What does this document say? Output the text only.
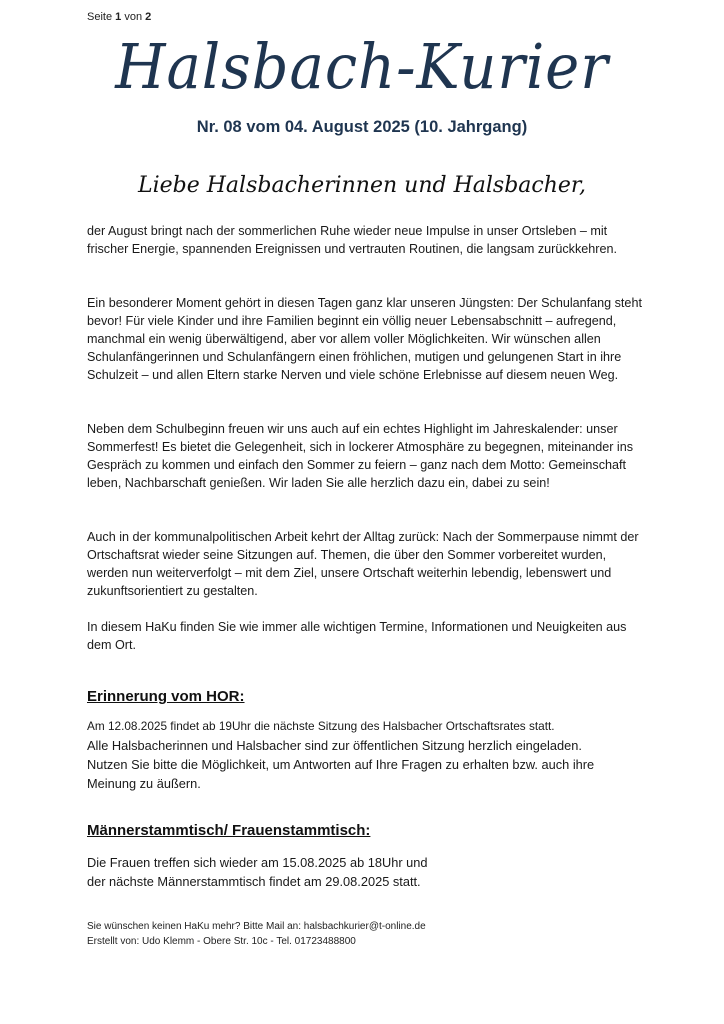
Seite 1 von 2
Halsbach-Kurier
Nr. 08 vom 04. August 2025 (10. Jahrgang)
Liebe Halsbacherinnen und Halsbacher,

der August bringt nach der sommerlichen Ruhe wieder neue Impulse in unser Ortsleben – mit frischer Energie, spannenden Ereignissen und vertrauten Routinen, die langsam zurückkehren.

Ein besonderer Moment gehört in diesen Tagen ganz klar unseren Jüngsten: Der Schulanfang steht bevor! Für viele Kinder und ihre Familien beginnt ein völlig neuer Lebensabschnitt – aufregend, manchmal ein wenig überwältigend, aber vor allem voller Möglichkeiten. Wir wünschen allen Schulanfängerinnen und Schulanfängern einen fröhlichen, mutigen und gelungenen Start in ihre Schulzeit – und allen Eltern starke Nerven und viele schöne Erlebnisse auf diesem neuen Weg.

Neben dem Schulbeginn freuen wir uns auch auf ein echtes Highlight im Jahreskalender: unser Sommerfest! Es bietet die Gelegenheit, sich in lockerer Atmosphäre zu begegnen, miteinander ins Gespräch zu kommen und einfach den Sommer zu feiern – ganz nach dem Motto: Gemeinschaft leben, Nachbarschaft genießen. Wir laden Sie alle herzlich dazu ein, dabei zu sein!

Auch in der kommunalpolitischen Arbeit kehrt der Alltag zurück: Nach der Sommerpause nimmt der Ortschaftsrat wieder seine Sitzungen auf. Themen, die über den Sommer vorbereitet wurden, werden nun weiterverfolgt – mit dem Ziel, unsere Ortschaft weiterhin lebendig, lebenswert und zukunftsorientiert zu gestalten.

In diesem HaKu finden Sie wie immer alle wichtigen Termine, Informationen und Neuigkeiten aus dem Ort.

Erinnerung vom HOR:

Am 12.08.2025 findet ab 19Uhr die nächste Sitzung des Halsbacher Ortschaftsrates statt.

Alle Halsbacherinnen und Halsbacher sind zur öffentlichen Sitzung herzlich eingeladen.

Nutzen Sie bitte die Möglichkeit, um Antworten auf Ihre Fragen zu erhalten bzw. auch ihre

Meinung zu äußern.

Männerstammtisch/ Frauenstammtisch:

Die Frauen treffen sich wieder am 15.08.2025 ab 18Uhr und

der nächste Männerstammtisch findet am 29.08.2025 statt.

Sie wünschen keinen HaKu mehr? Bitte Mail an: halsbachkurier@t-online.de

Erstellt von: Udo Klemm - Obere Str. 10c - Tel. 01723488800
